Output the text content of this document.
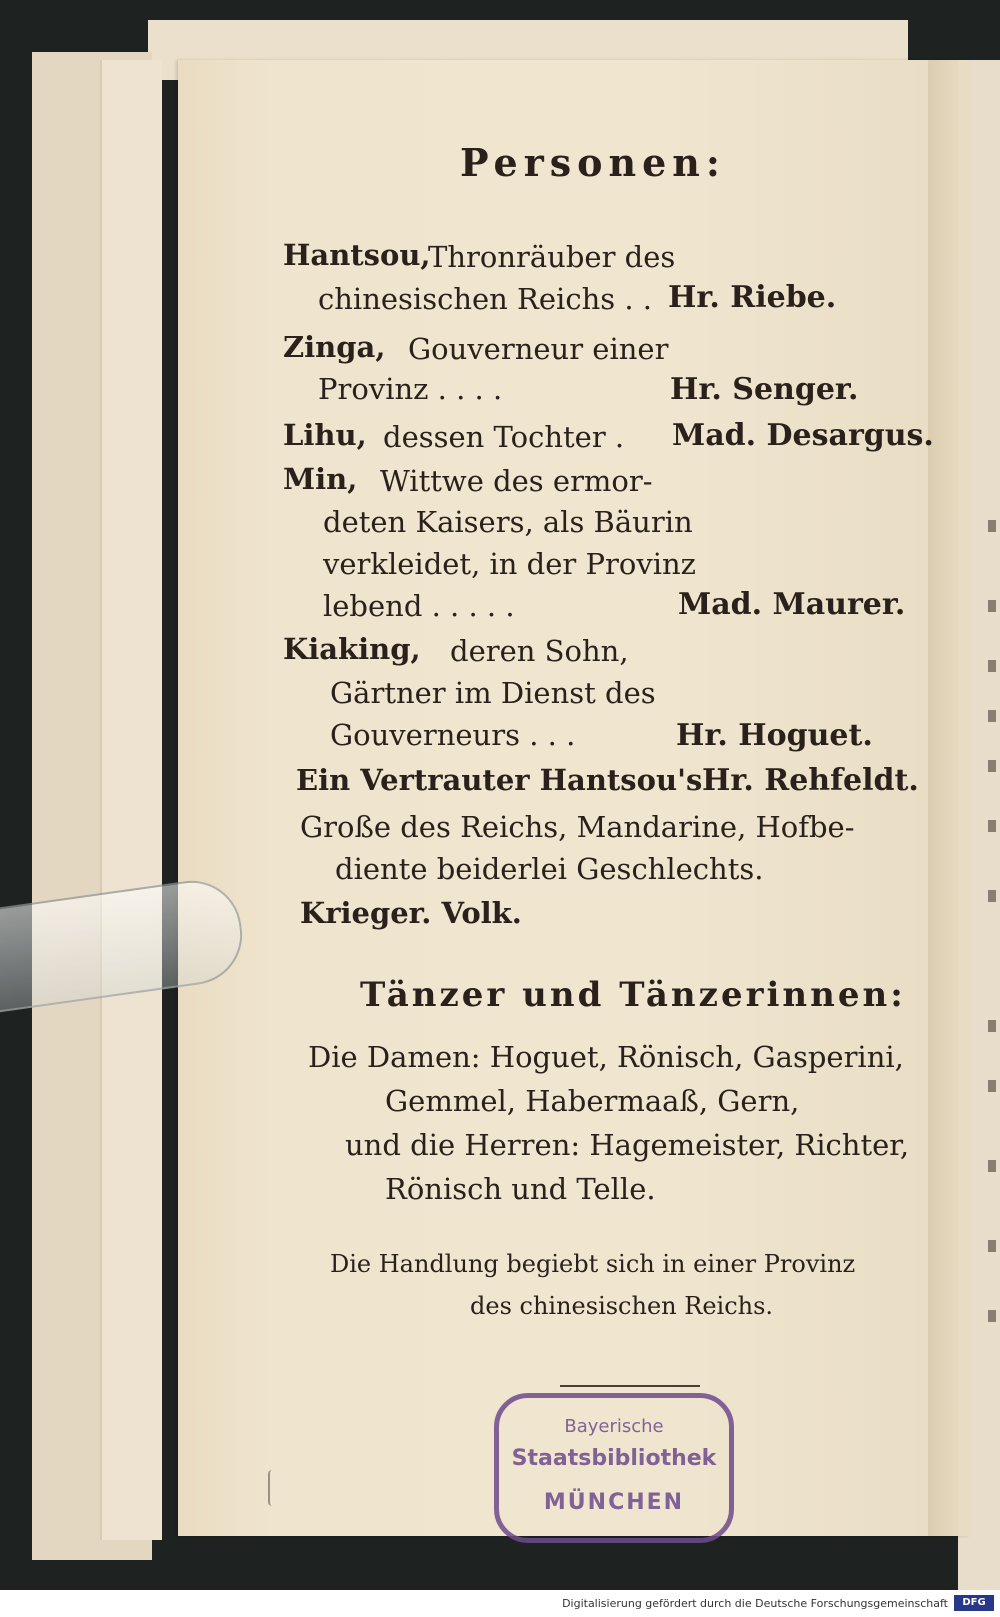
Personen:
Hantsou,
Thronräuber des
chinesischen Reichs . . Hr. Riebe.
Zinga, Gouverneur einer
Provinz . . . .	Hr. Senger.
Lihu, dessen Tochter . Mad. Desargus.
Min, Wittwe des ermor-
deten Kaisers, als Bäurin
verkleidet, in der Provinz
lebend . . . . .	Mad. Maurer.
Kiaking, deren Sohn,
Gärtner im Dienst des
Gouverneurs . . .	Hr. Hoguet.
Ein Vertrauter Hantsou's Hr. Rehfeldt.
Große des Reichs, Mandarine, Hofbe-
diente beiderlei Geschlechts.
Krieger. Volk.
Tänzer und Tänzerinnen:
Die Damen: Hoguet, Rönisch, Gasperini,
Gemmel, Habermaaß, Gern,
und die Herren: Hagemeister, Richter,
Rönisch und Telle.
Die Handlung begiebt sich in einer Provinz
des chinesischen Reichs.
Bayerische
Staatsbibliothek
MÜNCHEN
Digitalisierung gefördert durch die Deutsche Forschungsgemeinschaft	DFG
